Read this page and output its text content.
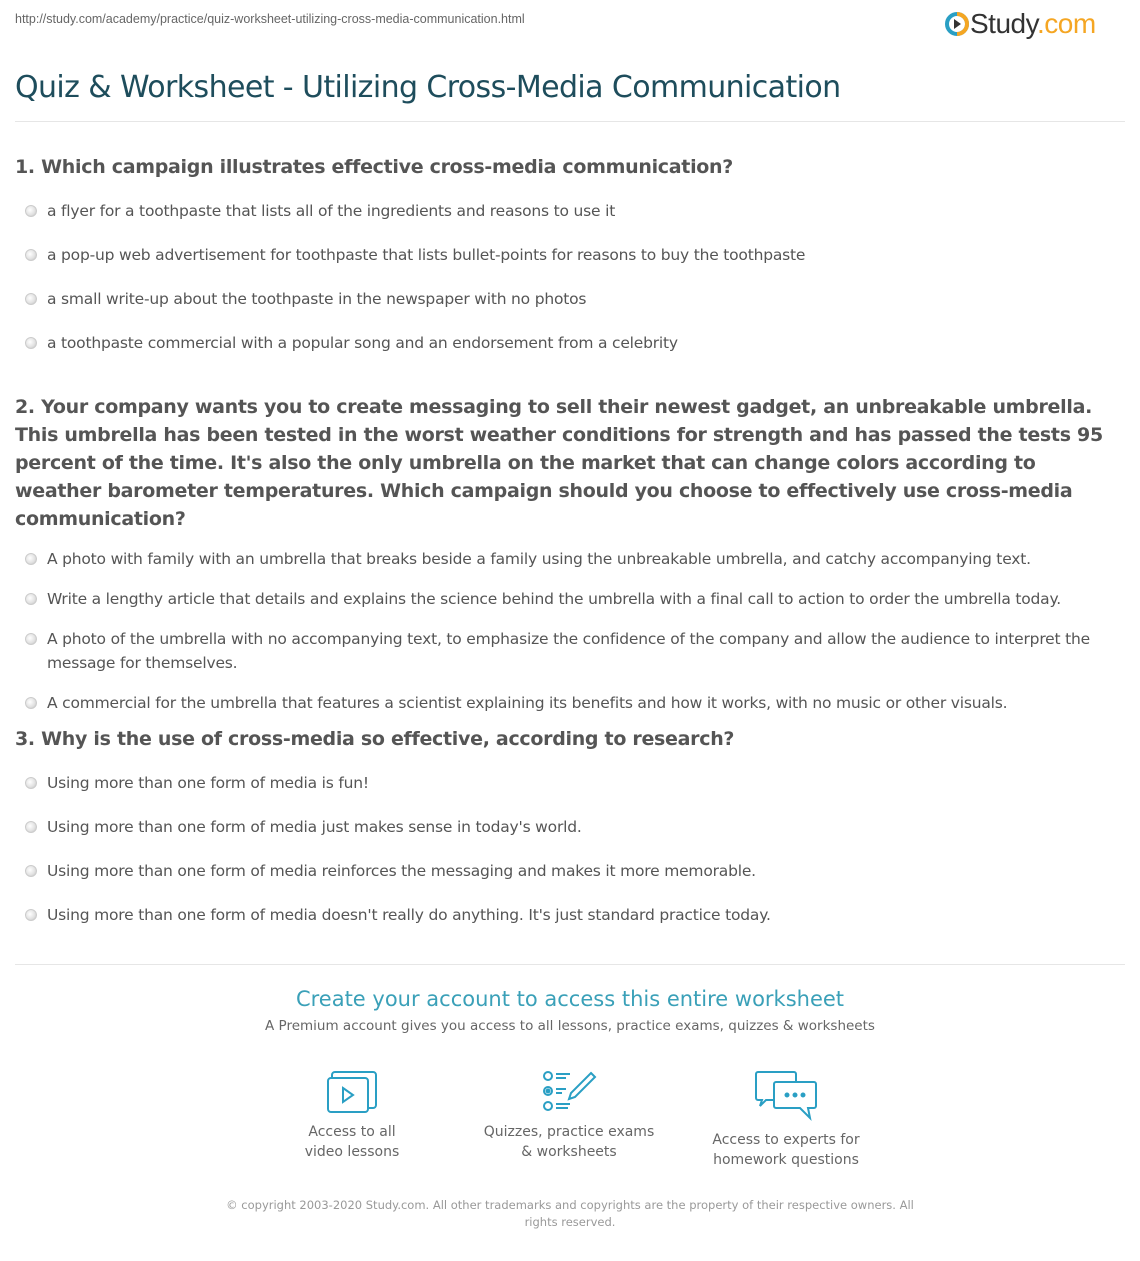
http://study.com/academy/practice/quiz-worksheet-utilizing-cross-media-communication.html	Study.com
Quiz & Worksheet - Utilizing Cross-Media Communication
1. Which campaign illustrates effective cross-media communication?
a flyer for a toothpaste that lists all of the ingredients and reasons to use it
a pop-up web advertisement for toothpaste that lists bullet-points for reasons to buy the toothpaste
a small write-up about the toothpaste in the newspaper with no photos
a toothpaste commercial with a popular song and an endorsement from a celebrity
2. Your company wants you to create messaging to sell their newest gadget, an unbreakable umbrella. This umbrella has been tested in the worst weather conditions for strength and has passed the tests 95 percent of the time. It's also the only umbrella on the market that can change colors according to weather barometer temperatures. Which campaign should you choose to effectively use cross-media communication?
A photo with family with an umbrella that breaks beside a family using the unbreakable umbrella, and catchy accompanying text.
Write a lengthy article that details and explains the science behind the umbrella with a final call to action to order the umbrella today.
A photo of the umbrella with no accompanying text, to emphasize the confidence of the company and allow the audience to interpret the message for themselves.
A commercial for the umbrella that features a scientist explaining its benefits and how it works, with no music or other visuals.
3. Why is the use of cross-media so effective, according to research?
Using more than one form of media is fun!
Using more than one form of media just makes sense in today's world.
Using more than one form of media reinforces the messaging and makes it more memorable.
Using more than one form of media doesn't really do anything. It's just standard practice today.
Create your account to access this entire worksheet
A Premium account gives you access to all lessons, practice exams, quizzes & worksheets
Access to all
video lessons
Quizzes, practice exams
& worksheets
Access to experts for
homework questions
© copyright 2003-2020 Study.com. All other trademarks and copyrights are the property of their respective owners. All rights reserved.
